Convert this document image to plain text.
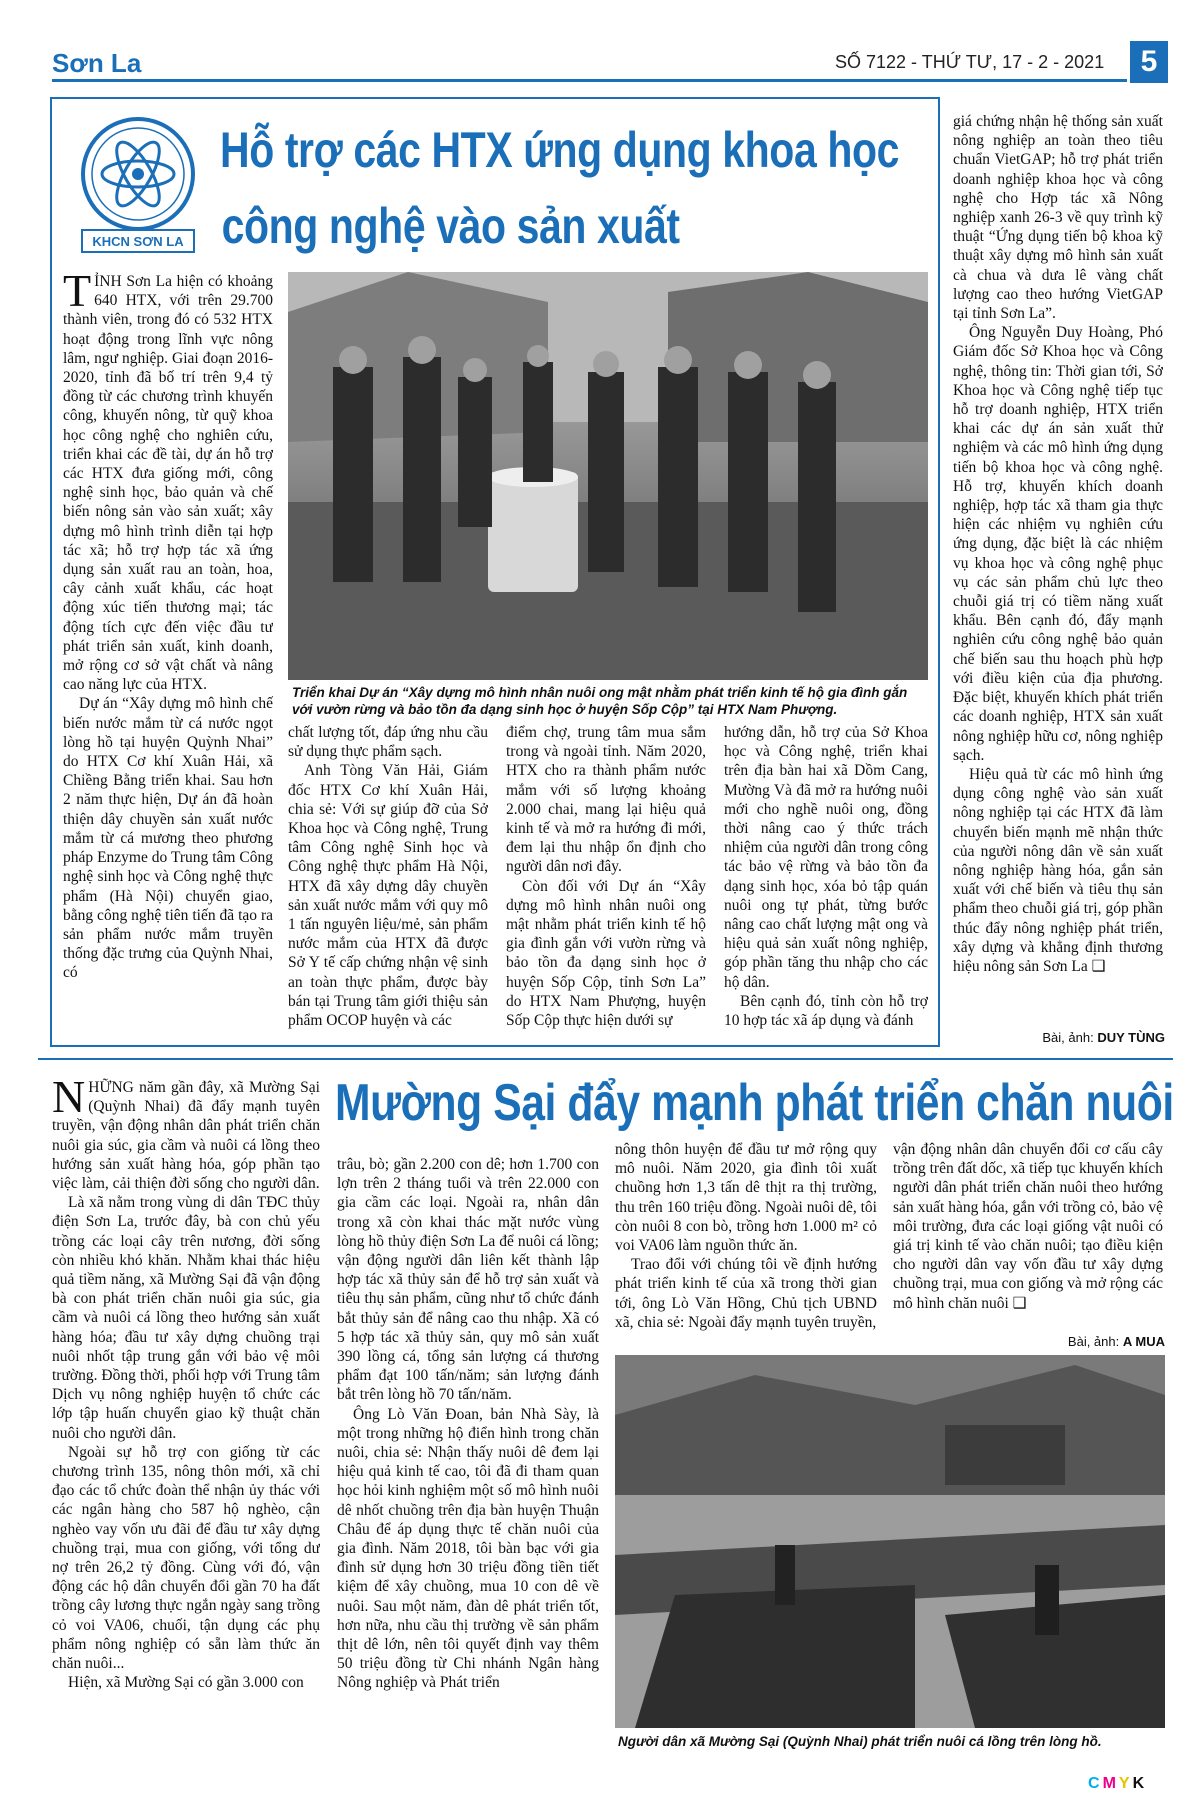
Sơn La	SỐ 7122 - THỨ TƯ, 17 - 2 - 2021	5
KHCN SƠN LA
Hỗ trợ các HTX ứng dụng khoa học
công nghệ vào sản xuất

TỈNH Sơn La hiện có khoảng 640 HTX, với trên 29.700 thành viên, trong đó có 532 HTX hoạt động trong lĩnh vực nông lâm, ngư nghiệp. Giai đoạn 2016-2020, tỉnh đã bố trí trên 9,4 tỷ đồng từ các chương trình khuyến công, khuyến nông, từ quỹ khoa học công nghệ cho nghiên cứu, triển khai các đề tài, dự án hỗ trợ các HTX đưa giống mới, công nghệ sinh học, bảo quản và chế biến nông sản vào sản xuất; xây dựng mô hình trình diễn tại hợp tác xã; hỗ trợ hợp tác xã ứng dụng sản xuất rau an toàn, hoa, cây cảnh xuất khẩu, các hoạt động xúc tiến thương mại; tác động tích cực đến việc đầu tư phát triển sản xuất, kinh doanh, mở rộng cơ sở vật chất và nâng cao năng lực của HTX.

Dự án “Xây dựng mô hình chế biến nước mắm từ cá nước ngọt lòng hồ tại huyện Quỳnh Nhai” do HTX Cơ khí Xuân Hải, xã Chiềng Bằng triển khai. Sau hơn 2 năm thực hiện, Dự án đã hoàn thiện dây chuyền sản xuất nước mắm từ cá mương theo phương pháp Enzyme do Trung tâm Công nghệ sinh học và Công nghệ thực phẩm (Hà Nội) chuyển giao, bằng công nghệ tiên tiến đã tạo ra sản phẩm nước mắm truyền thống đặc trưng của Quỳnh Nhai, có

Triển khai Dự án “Xây dựng mô hình nhân nuôi ong mật nhằm phát triển kinh tế hộ gia đình gắn với vườn rừng và bảo tồn đa dạng sinh học ở huyện Sốp Cộp” tại HTX Nam Phượng.

chất lượng tốt, đáp ứng nhu cầu sử dụng thực phẩm sạch.

Anh Tòng Văn Hải, Giám đốc HTX Cơ khí Xuân Hải, chia sẻ: Với sự giúp đỡ của Sở Khoa học và Công nghệ, Trung tâm Công nghệ Sinh học và Công nghệ thực phẩm Hà Nội, HTX đã xây dựng dây chuyền sản xuất nước mắm với quy mô 1 tấn nguyên liệu/mẻ, sản phẩm nước mắm của HTX đã được Sở Y tế cấp chứng nhận vệ sinh an toàn thực phẩm, được bày bán tại Trung tâm giới thiệu sản phẩm OCOP huyện và các

điểm chợ, trung tâm mua sắm trong và ngoài tỉnh. Năm 2020, HTX cho ra thành phẩm nước mắm với số lượng khoảng 2.000 chai, mang lại hiệu quả kinh tế và mở ra hướng đi mới, đem lại thu nhập ổn định cho người dân nơi đây.

Còn đối với Dự án “Xây dựng mô hình nhân nuôi ong mật nhằm phát triển kinh tế hộ gia đình gắn với vườn rừng và bảo tồn đa dạng sinh học ở huyện Sốp Cộp, tỉnh Sơn La” do HTX Nam Phượng, huyện Sốp Cộp thực hiện dưới sự

hướng dẫn, hỗ trợ của Sở Khoa học và Công nghệ, triển khai trên địa bàn hai xã Dồm Cang, Mường Và đã mở ra hướng nuôi mới cho nghề nuôi ong, đồng thời nâng cao ý thức trách nhiệm của người dân trong công tác bảo vệ rừng và bảo tồn đa dạng sinh học, xóa bỏ tập quán nuôi ong tự phát, từng bước nâng cao chất lượng mật ong và hiệu quả sản xuất nông nghiệp, góp phần tăng thu nhập cho các hộ dân.

Bên cạnh đó, tỉnh còn hỗ trợ 10 hợp tác xã áp dụng và đánh

giá chứng nhận hệ thống sản xuất nông nghiệp an toàn theo tiêu chuẩn VietGAP; hỗ trợ phát triển doanh nghiệp khoa học và công nghệ cho Hợp tác xã Nông nghiệp xanh 26-3 về quy trình kỹ thuật “Ứng dụng tiến bộ khoa kỹ thuật xây dựng mô hình sản xuất cà chua và dưa lê vàng chất lượng cao theo hướng VietGAP tại tỉnh Sơn La”.

Ông Nguyễn Duy Hoàng, Phó Giám đốc Sở Khoa học và Công nghệ, thông tin: Thời gian tới, Sở Khoa học và Công nghệ tiếp tục hỗ trợ doanh nghiệp, HTX triển khai các dự án sản xuất thử nghiệm và các mô hình ứng dụng tiến bộ khoa học và công nghệ. Hỗ trợ, khuyến khích doanh nghiệp, hợp tác xã tham gia thực hiện các nhiệm vụ nghiên cứu ứng dụng, đặc biệt là các nhiệm vụ khoa học và công nghệ phục vụ các sản phẩm chủ lực theo chuỗi giá trị có tiềm năng xuất khẩu. Bên cạnh đó, đẩy mạnh nghiên cứu công nghệ bảo quản chế biến sau thu hoạch phù hợp với điều kiện của địa phương. Đặc biệt, khuyến khích phát triển các doanh nghiệp, HTX sản xuất nông nghiệp hữu cơ, nông nghiệp sạch.

Hiệu quả từ các mô hình ứng dụng công nghệ vào sản xuất nông nghiệp tại các HTX đã làm chuyển biến mạnh mẽ nhận thức của người nông dân về sản xuất nông nghiệp hàng hóa, gắn sản xuất với chế biến và tiêu thụ sản phẩm theo chuỗi giá trị, góp phần thúc đẩy nông nghiệp phát triển, xây dựng và khẳng định thương hiệu nông sản Sơn La ❑

Bài, ảnh: DUY TÙNG
Mường Sại đẩy mạnh phát triển chăn nuôi

NHỮNG năm gần đây, xã Mường Sại (Quỳnh Nhai) đã đẩy mạnh tuyên truyền, vận động nhân dân phát triển chăn nuôi gia súc, gia cầm và nuôi cá lồng theo hướng sản xuất hàng hóa, góp phần tạo việc làm, cải thiện đời sống cho người dân.

Là xã nằm trong vùng di dân TĐC thủy điện Sơn La, trước đây, bà con chủ yếu trồng các loại cây trên nương, đời sống còn nhiều khó khăn. Nhằm khai thác hiệu quả tiềm năng, xã Mường Sại đã vận động bà con phát triển chăn nuôi gia súc, gia cầm và nuôi cá lồng theo hướng sản xuất hàng hóa; đầu tư xây dựng chuồng trại nuôi nhốt tập trung gắn với bảo vệ môi trường. Đồng thời, phối hợp với Trung tâm Dịch vụ nông nghiệp huyện tổ chức các lớp tập huấn chuyển giao kỹ thuật chăn nuôi cho người dân.

Ngoài sự hỗ trợ con giống từ các chương trình 135, nông thôn mới, xã chỉ đạo các tổ chức đoàn thể nhận ủy thác với các ngân hàng cho 587 hộ nghèo, cận nghèo vay vốn ưu đãi để đầu tư xây dựng chuồng trại, mua con giống, với tổng dư nợ trên 26,2 tỷ đồng. Cùng với đó, vận động các hộ dân chuyển đổi gần 70 ha đất trồng cây lương thực ngắn ngày sang trồng cỏ voi VA06, chuối, tận dụng các phụ phẩm nông nghiệp có sẵn làm thức ăn chăn nuôi...

Hiện, xã Mường Sại có gần 3.000 con

trâu, bò; gần 2.200 con dê; hơn 1.700 con lợn trên 2 tháng tuổi và trên 22.000 con gia cầm các loại. Ngoài ra, nhân dân trong xã còn khai thác mặt nước vùng lòng hồ thủy điện Sơn La để nuôi cá lồng; vận động người dân liên kết thành lập hợp tác xã thủy sản để hỗ trợ sản xuất và tiêu thụ sản phẩm, cũng như tổ chức đánh bắt thủy sản để nâng cao thu nhập. Xã có 5 hợp tác xã thủy sản, quy mô sản xuất 390 lồng cá, tổng sản lượng cá thương phẩm đạt 100 tấn/năm; sản lượng đánh bắt trên lòng hồ 70 tấn/năm.

Ông Lò Văn Đoan, bản Nhà Sày, là một trong những hộ điển hình trong chăn nuôi, chia sẻ: Nhận thấy nuôi dê đem lại hiệu quả kinh tế cao, tôi đã đi tham quan học hỏi kinh nghiệm một số mô hình nuôi dê nhốt chuồng trên địa bàn huyện Thuận Châu để áp dụng thực tế chăn nuôi của gia đình. Năm 2018, tôi bàn bạc với gia đình sử dụng hơn 30 triệu đồng tiền tiết kiệm để xây chuồng, mua 10 con dê về nuôi. Sau một năm, đàn dê phát triển tốt, hơn nữa, nhu cầu thị trường về sản phẩm thịt dê lớn, nên tôi quyết định vay thêm 50 triệu đồng từ Chi nhánh Ngân hàng Nông nghiệp và Phát triển

nông thôn huyện để đầu tư mở rộng quy mô nuôi. Năm 2020, gia đình tôi xuất chuồng hơn 1,3 tấn dê thịt ra thị trường, thu trên 160 triệu đồng. Ngoài nuôi dê, tôi còn nuôi 8 con bò, trồng hơn 1.000 m² cỏ voi VA06 làm nguồn thức ăn.

Trao đổi với chúng tôi về định hướng phát triển kinh tế của xã trong thời gian tới, ông Lò Văn Hồng, Chủ tịch UBND xã, chia sẻ: Ngoài đẩy mạnh tuyên truyền,

vận động nhân dân chuyển đổi cơ cấu cây trồng trên đất dốc, xã tiếp tục khuyến khích người dân phát triển chăn nuôi theo hướng sản xuất hàng hóa, gắn với trồng cỏ, bảo vệ môi trường, đưa các loại giống vật nuôi có giá trị kinh tế vào chăn nuôi; tạo điều kiện cho người dân vay vốn đầu tư xây dựng chuồng trại, mua con giống và mở rộng các mô hình chăn nuôi ❑

Bài, ảnh: A MUA
Người dân xã Mường Sại (Quỳnh Nhai) phát triển nuôi cá lồng trên lòng hồ.
CMYK
